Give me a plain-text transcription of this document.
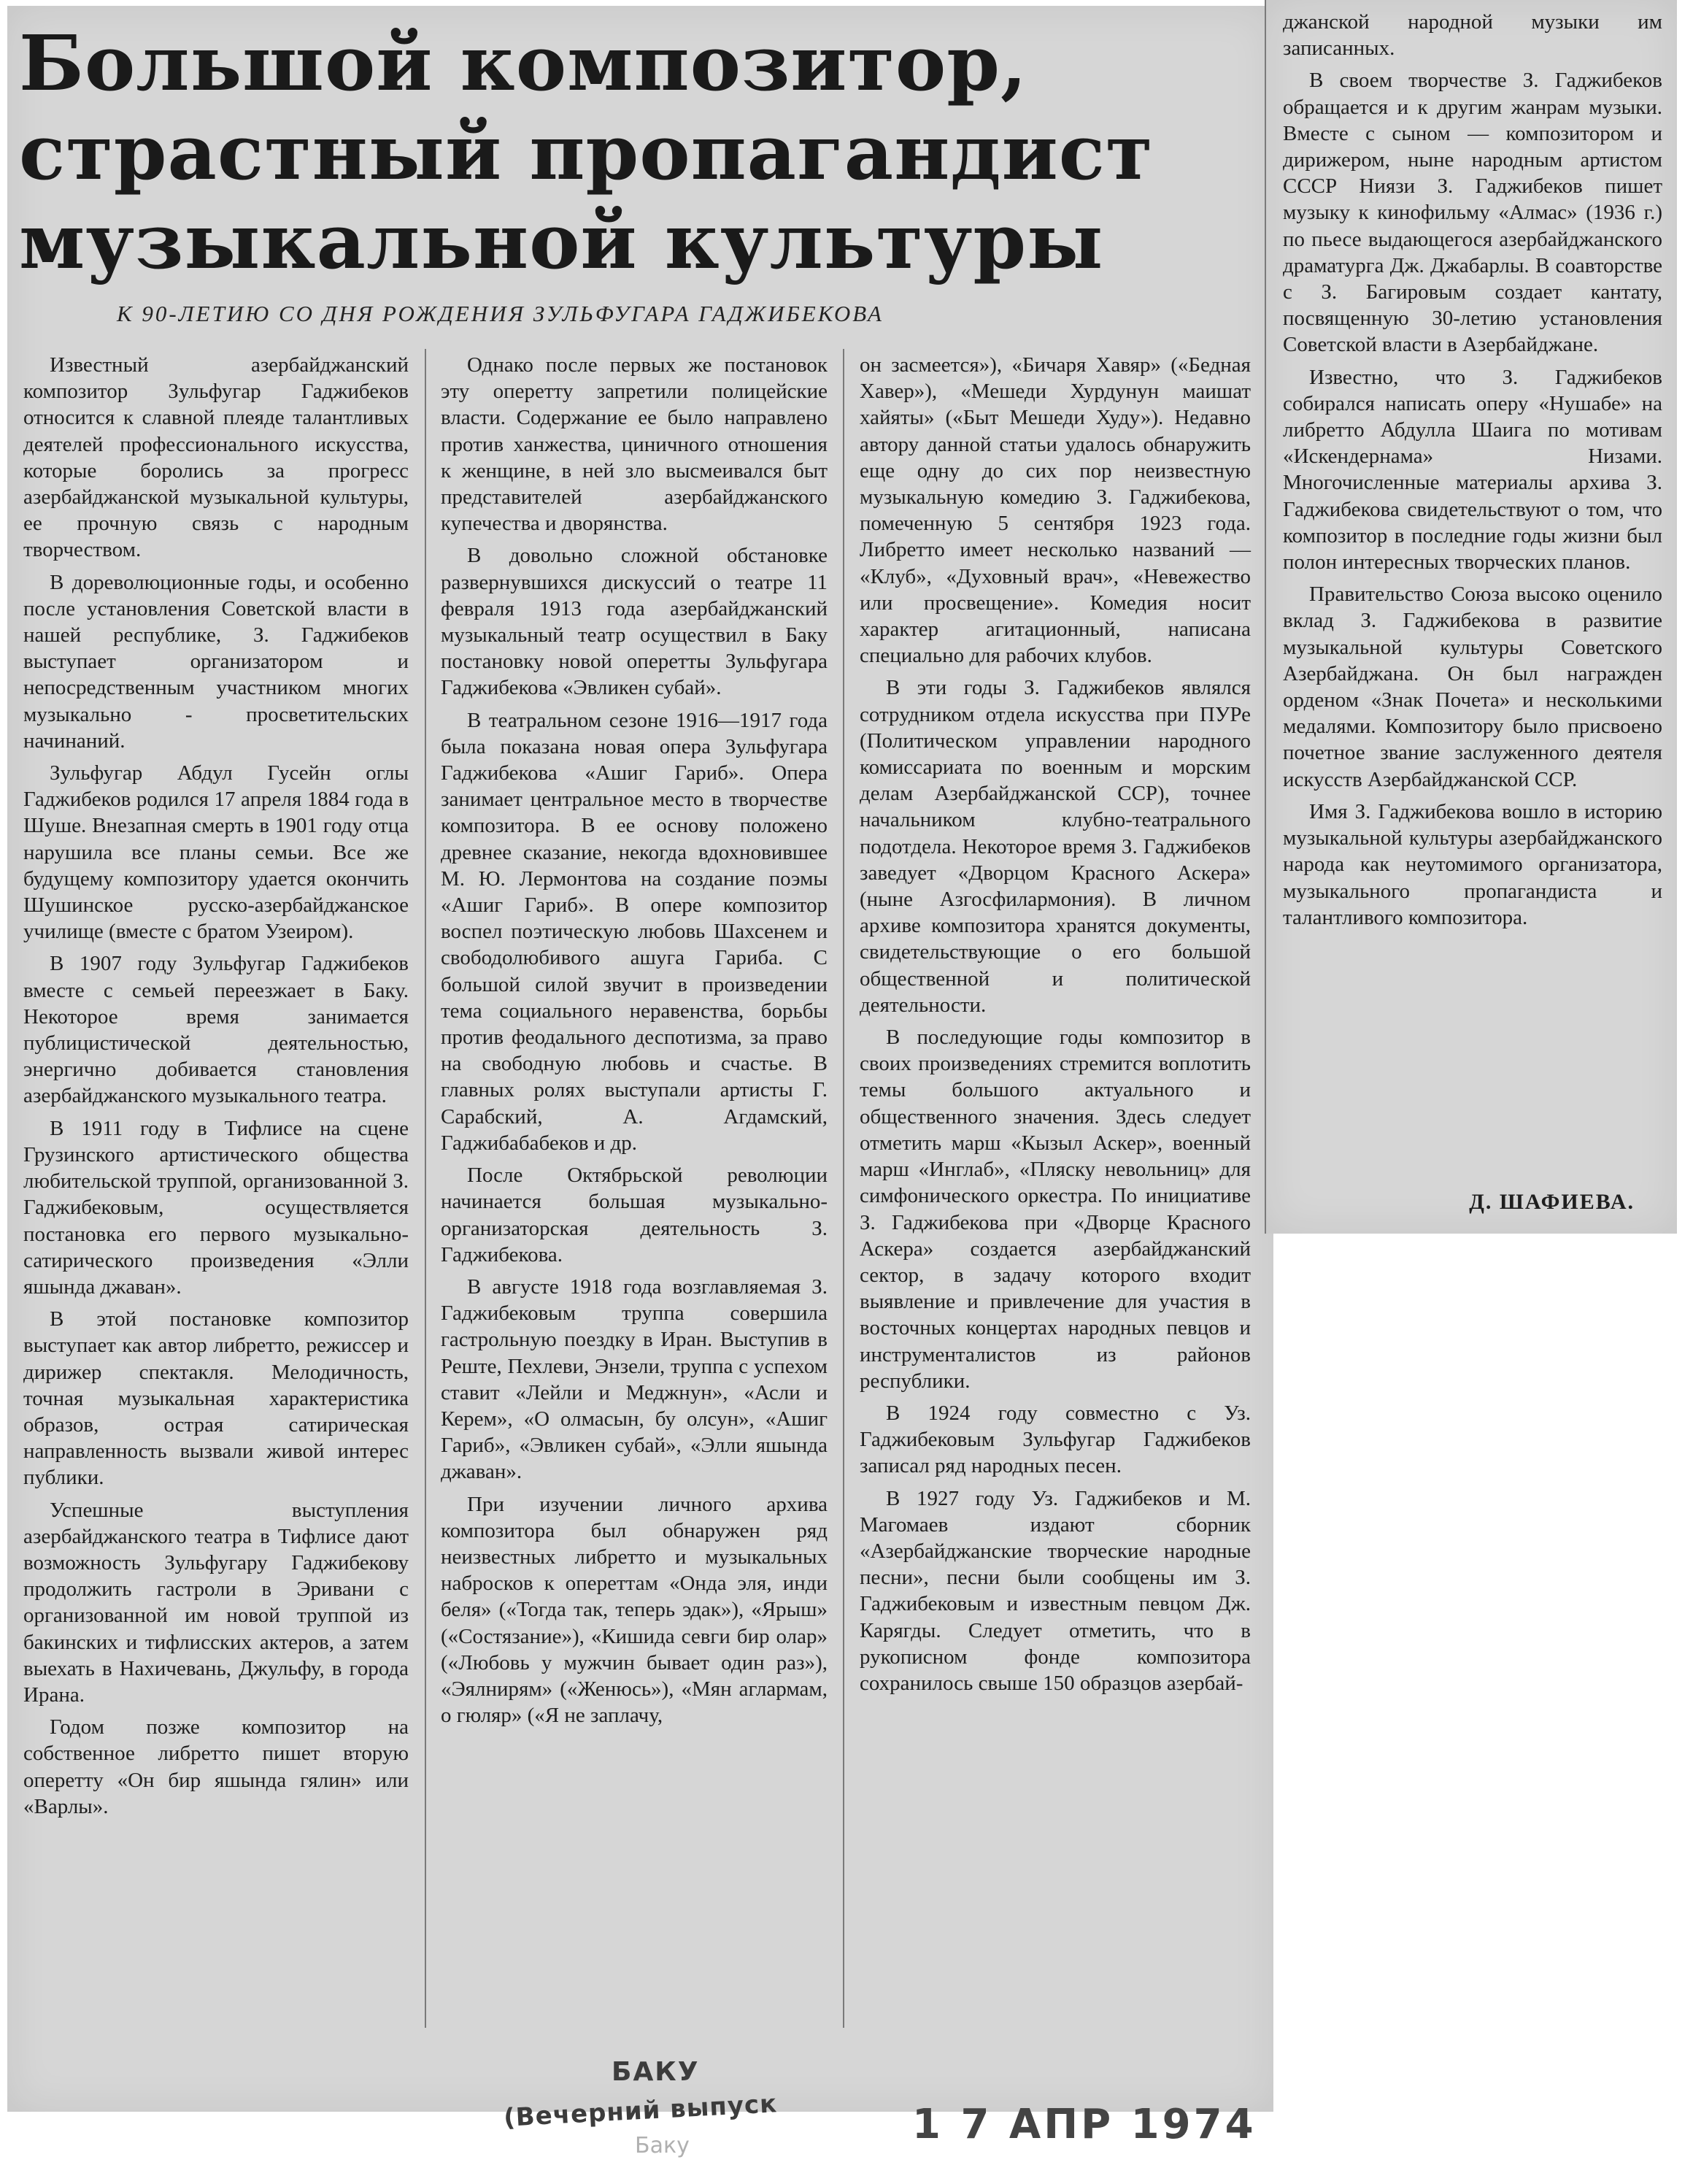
Большой композитор, страстный пропагандист музыкальной культуры
К 90-ЛЕТИЮ СО ДНЯ РОЖДЕНИЯ ЗУЛЬФУГАРА ГАДЖИБЕКОВА

Известный азербайджанский композитор Зульфугар Гаджибеков относится к славной плеяде талантливых деятелей профессионального искусства, которые боролись за прогресс азербайджанской музыкальной культуры, ее прочную связь с народным творчеством.

В дореволюционные годы, и особенно после установления Советской власти в нашей республике, З. Гаджибеков выступает организатором и непосредственным участником многих музыкально - просветительских начинаний.

Зульфугар Абдул Гусейн оглы Гаджибеков родился 17 апреля 1884 года в Шуше. Внезапная смерть в 1901 году отца нарушила все планы семьи. Все же будущему композитору удается окончить Шушинское русско-азербайджанское училище (вместе с братом Узеиром).

В 1907 году Зульфугар Гаджибеков вместе с семьей переезжает в Баку. Некоторое время занимается публицистической деятельностью, энергично добивается становления азербайджанского музыкального театра.

В 1911 году в Тифлисе на сцене Грузинского артистического общества любительской труппой, организованной З. Гаджибековым, осуществляется постановка его первого музыкально-сатирического произведения «Элли яшында джаван».

В этой постановке композитор выступает как автор либретто, режиссер и дирижер спектакля. Мелодичность, точная музыкальная характеристика образов, острая сатирическая направленность вызвали живой интерес публики.

Успешные выступления азербайджанского театра в Тифлисе дают возможность Зульфугару Гаджибекову продолжить гастроли в Эривани с организованной им новой труппой из бакинских и тифлисских актеров, а затем выехать в Нахичевань, Джульфу, в города Ирана.

Годом позже композитор на собственное либретто пишет вторую оперетту «Он бир яшында гялин» или «Варлы».

Однако после первых же постановок эту оперетту запретили полицейские власти. Содержание ее было направлено против ханжества, циничного отношения к женщине, в ней зло высмеивался быт представителей азербайджанского купечества и дворянства.

В довольно сложной обстановке развернувшихся дискуссий о театре 11 февраля 1913 года азербайджанский музыкальный театр осуществил в Баку постановку новой оперетты Зульфугара Гаджибекова «Эвликен субай».

В театральном сезоне 1916—1917 года была показана новая опера Зульфугара Гаджибекова «Ашиг Гариб». Опера занимает центральное место в творчестве композитора. В ее основу положено древнее сказание, некогда вдохновившее М. Ю. Лермонтова на создание поэмы «Ашиг Гариб». В опере композитор воспел поэтическую любовь Шахсенем и свободолюбивого ашуга Гариба. С большой силой звучит в произведении тема социального неравенства, борьбы против феодального деспотизма, за право на свободную любовь и счастье. В главных ролях выступали артисты Г. Сарабский, А. Агдамский, Гаджибабабеков и др.

После Октябрьской революции начинается большая музыкально-организаторская деятельность З. Гаджибекова.

В августе 1918 года возглавляемая З. Гаджибековым труппа совершила гастрольную поездку в Иран. Выступив в Реште, Пехлеви, Энзели, труппа с успехом ставит «Лейли и Меджнун», «Асли и Керем», «О олмасын, бу олсун», «Ашиг Гариб», «Эвликен субай», «Элли яшында джаван».

При изучении личного архива композитора был обнаружен ряд неизвестных либретто и музыкальных набросков к опереттам «Онда эля, инди беля» («Тогда так, теперь эдак»), «Ярыш» («Состязание»), «Кишида севги бир олар» («Любовь у мужчин бывает один раз»), «Эялнирям» («Женюсь»), «Мян аглармам, о гюляр» («Я не заплачу,

он засмеется»), «Бичаря Хавяр» («Бедная Хавер»), «Мешеди Хурдунун маишат хайяты» («Быт Мешеди Худу»). Недавно автору данной статьи удалось обнаружить еще одну до сих пор неизвестную музыкальную комедию З. Гаджибекова, помеченную 5 сентября 1923 года. Либретто имеет несколько названий — «Клуб», «Духовный врач», «Невежество или просвещение». Комедия носит характер агитационный, написана специально для рабочих клубов.

В эти годы З. Гаджибеков являлся сотрудником отдела искусства при ПУРе (Политическом управлении народного комиссариата по военным и морским делам Азербайджанской ССР), точнее начальником клубно-театрального подотдела. Некоторое время З. Гаджибеков заведует «Дворцом Красного Аскера» (ныне Азгосфилармония). В личном архиве композитора хранятся документы, свидетельствующие о его большой общественной и политической деятельности.

В последующие годы композитор в своих произведениях стремится воплотить темы большого актуального и общественного значения. Здесь следует отметить марш «Кызыл Аскер», военный марш «Инглаб», «Пляску невольниц» для симфонического оркестра. По инициативе З. Гаджибекова при «Дворце Красного Аскера» создается азербайджанский сектор, в задачу которого входит выявление и привлечение для участия в восточных концертах народных певцов и инструменталистов из районов республики.

В 1924 году совместно с Уз. Гаджибековым Зульфугар Гаджибеков записал ряд народных песен.

В 1927 году Уз. Гаджибеков и М. Магомаев издают сборник «Азербайджанские творческие народные песни», песни были сообщены им З. Гаджибековым и известным певцом Дж. Карягды. Следует отметить, что в рукописном фонде композитора сохранилось свыше 150 образцов азербай-

джанской народной музыки им записанных.

В своем творчестве З. Гаджибеков обращается и к другим жанрам музыки. Вместе с сыном — композитором и дирижером, ныне народным артистом СССР Ниязи З. Гаджибеков пишет музыку к кинофильму «Алмас» (1936 г.) по пьесе выдающегося азербайджанского драматурга Дж. Джабарлы. В соавторстве с З. Багировым создает кантату, посвященную 30-летию установления Советской власти в Азербайджане.

Известно, что З. Гаджибеков собирался написать оперу «Нушабе» на либретто Абдулла Шаига по мотивам «Искендернама» Низами. Многочисленные материалы архива З. Гаджибекова свидетельствуют о том, что композитор в последние годы жизни был полон интересных творческих планов.

Правительство Союза высоко оценило вклад З. Гаджибекова в развитие музыкальной культуры Советского Азербайджана. Он был награжден орденом «Знак Почета» и несколькими медалями. Композитору было присвоено почетное звание заслуженного деятеля искусств Азербайджанской ССР.

Имя З. Гаджибекова вошло в историю музыкальной культуры азербайджанского народа как неутомимого организатора, музыкального пропагандиста и талантливого композитора.

Д. ШАФИЕВА.
БАКУ
(Вечерний выпуск
Баку	1 7 АПР 1974
